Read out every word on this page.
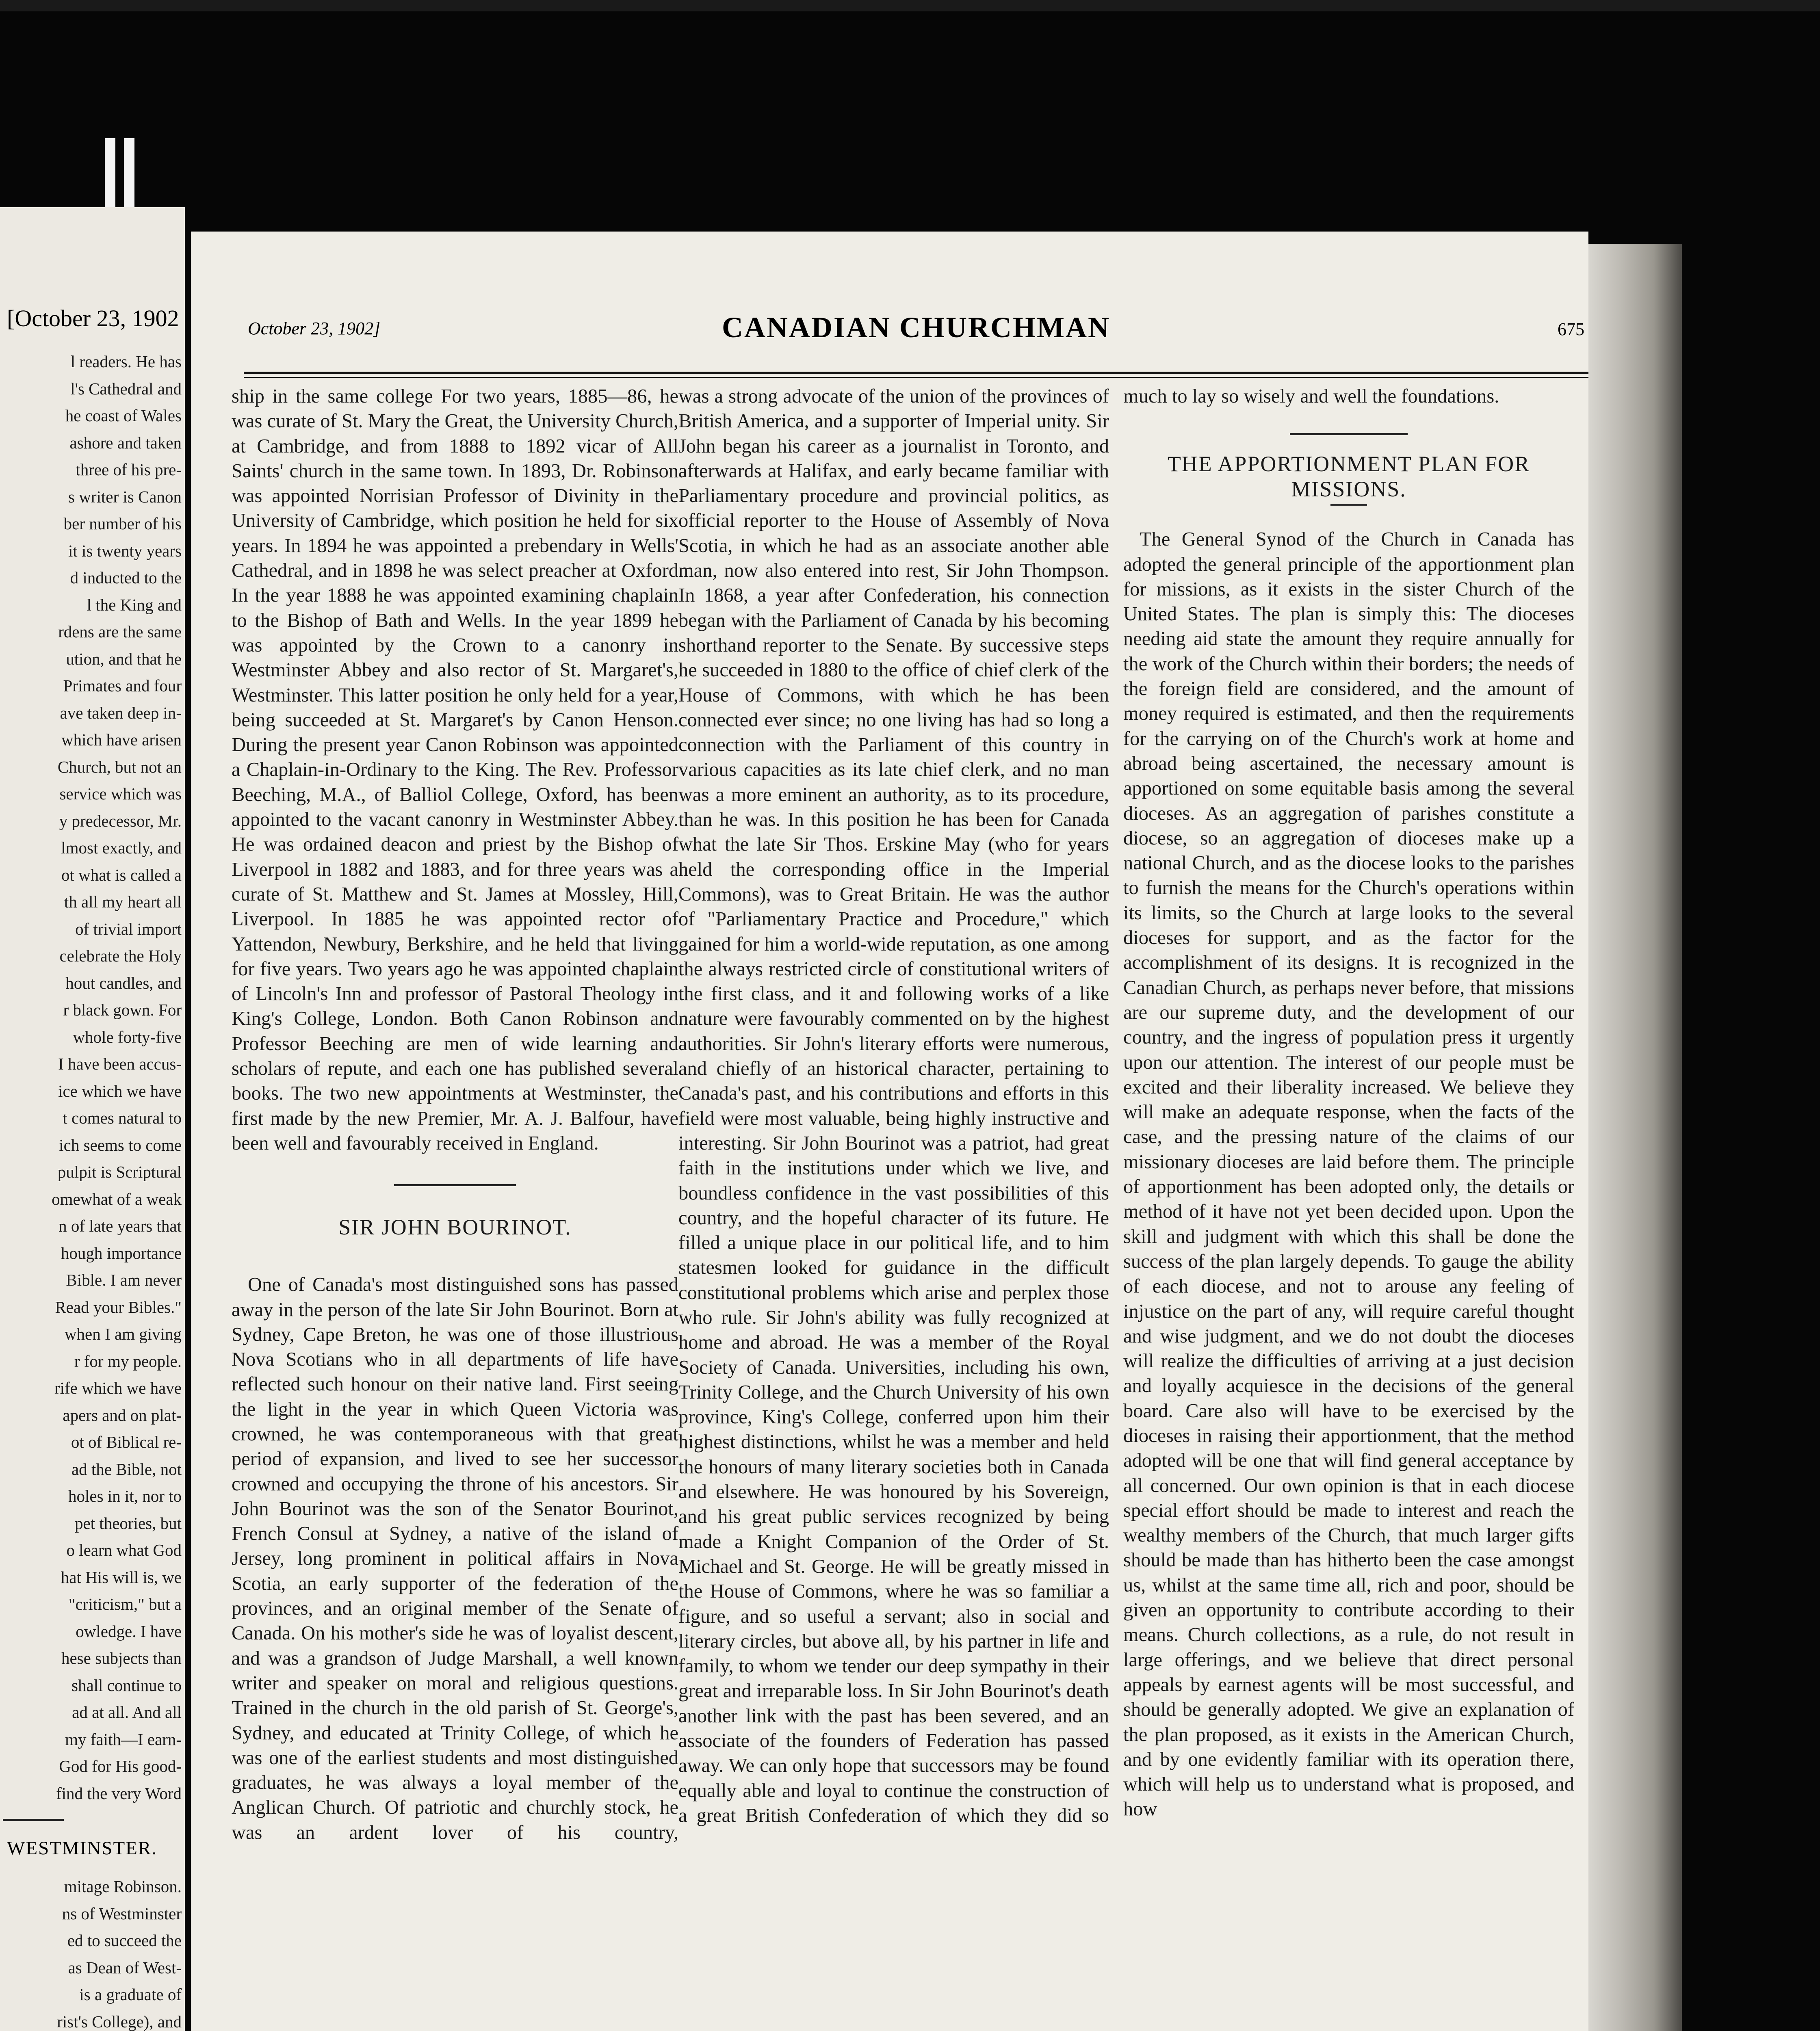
[October 23, 1902
l readers. He has
l's Cathedral and
he coast of Wales
ashore and taken
three of his pre-
s writer is Canon
ber number of his
it is twenty years
d inducted to the
l the King and
rdens are the same
ution, and that he
Primates and four
ave taken deep in-
which have arisen
Church, but not an
service which was
y predecessor, Mr.
lmost exactly, and
ot what is called a
th all my heart all
of trivial import
celebrate the Holy
hout candles, and
r black gown. For
whole forty-five
I have been accus-
ice which we have
t comes natural to
ich seems to come
pulpit is Scriptural
omewhat of a weak
n of late years that
hough importance
Bible. I am never
Read your Bibles."
when I am giving
r for my people.
rife which we have
apers and on plat-
ot of Biblical re-
ad the Bible, not
holes in it, nor to
pet theories, but
o learn what God
hat His will is, we
"criticism," but a
owledge. I have
hese subjects than
shall continue to
ad at all. And all
my faith—I earn-
God for His good-
find the very Word
WESTMINSTER.
mitage Robinson.
ns of Westminster
ed to succeed the
as Dean of West-
is a graduate of
rist's College), and
October 23, 1902]	CANADIAN CHURCHMAN	675

ship in the same college For two years, 1885—86, he was curate of St. Mary the Great, the University Church, at Cambridge, and from 1888 to 1892 vicar of All Saints' church in the same town. In 1893, Dr. Robinson was appointed Norrisian Professor of Divinity in the University of Cambridge, which position he held for six years. In 1894 he was appointed a prebendary in Wells' Cathedral, and in 1898 he was select preacher at Oxford In the year 1888 he was appointed examining chaplain to the Bishop of Bath and Wells. In the year 1899 he was appointed by the Crown to a canonry in Westminster Abbey and also rector of St. Margaret's, Westminster. This latter position he only held for a year, being succeeded at St. Margaret's by Canon Henson. During the present year Canon Robinson was appointed a Chaplain-in-Ordinary to the King. The Rev. Professor Beeching, M.A., of Balliol College, Oxford, has been appointed to the vacant canonry in Westminster Abbey. He was ordained deacon and priest by the Bishop of Liverpool in 1882 and 1883, and for three years was a curate of St. Matthew and St. James at Mossley, Hill, Liverpool. In 1885 he was appointed rector of Yattendon, Newbury, Berkshire, and he held that living for five years. Two years ago he was appointed chaplain of Lincoln's Inn and professor of Pastoral Theology in King's College, London. Both Canon Robinson and Professor Beeching are men of wide learning and scholars of repute, and each one has published several books. The two new appointments at Westminster, the first made by the new Premier, Mr. A. J. Balfour, have been well and favourably received in England.

SIR JOHN BOURINOT.

One of Canada's most distinguished sons has passed away in the person of the late Sir John Bourinot. Born at Sydney, Cape Breton, he was one of those illustrious Nova Scotians who in all departments of life have reflected such honour on their native land. First seeing the light in the year in which Queen Victoria was crowned, he was contemporaneous with that great period of expansion, and lived to see her successor crowned and occupying the throne of his ancestors. Sir John Bourinot was the son of the Senator Bourinot, French Consul at Sydney, a native of the island of Jersey, long prominent in political affairs in Nova Scotia, an early supporter of the federation of the provinces, and an original member of the Senate of Canada. On his mother's side he was of loyalist descent, and was a grandson of Judge Marshall, a well known writer and speaker on moral and religious questions. Trained in the church in the old parish of St. George's, Sydney, and educated at Trinity College, of which he was one of the earliest students and most distinguished graduates, he was always a loyal member of the Anglican Church. Of patriotic and churchly stock, he was an ardent lover of his country,

was a strong advocate of the union of the provinces of British America, and a supporter of Imperial unity. Sir John began his career as a journalist in Toronto, and afterwards at Halifax, and early became familiar with Parliamentary procedure and provincial politics, as official reporter to the House of Assembly of Nova Scotia, in which he had as an associate another able man, now also entered into rest, Sir John Thompson. In 1868, a year after Confederation, his connection began with the Parliament of Canada by his becoming shorthand reporter to the Senate. By successive steps he succeeded in 1880 to the office of chief clerk of the House of Commons, with which he has been connected ever since; no one living has had so long a connection with the Parliament of this country in various capacities as its late chief clerk, and no man was a more eminent an authority, as to its procedure, than he was. In this position he has been for Canada what the late Sir Thos. Erskine May (who for years held the corresponding office in the Imperial Commons), was to Great Britain. He was the author of "Parliamentary Practice and Procedure," which gained for him a world-wide reputation, as one among the always restricted circle of constitutional writers of the first class, and it and following works of a like nature were favourably commented on by the highest authorities. Sir John's literary efforts were numerous, and chiefly of an historical character, pertaining to Canada's past, and his contributions and efforts in this field were most valuable, being highly instructive and interesting. Sir John Bourinot was a patriot, had great faith in the institutions under which we live, and boundless confidence in the vast possibilities of this country, and the hopeful character of its future. He filled a unique place in our political life, and to him statesmen looked for guidance in the difficult constitutional problems which arise and perplex those who rule. Sir John's ability was fully recognized at home and abroad. He was a member of the Royal Society of Canada. Universities, including his own, Trinity College, and the Church University of his own province, King's College, conferred upon him their highest distinctions, whilst he was a member and held the honours of many literary societies both in Canada and elsewhere. He was honoured by his Sovereign, and his great public services recognized by being made a Knight Companion of the Order of St. Michael and St. George. He will be greatly missed in the House of Commons, where he was so familiar a figure, and so useful a servant; also in social and literary circles, but above all, by his partner in life and family, to whom we tender our deep sympathy in their great and irreparable loss. In Sir John Bourinot's death another link with the past has been severed, and an associate of the founders of Federation has passed away. We can only hope that successors may be found equally able and loyal to continue the construction of a great British Confederation of which they did so

much to lay so wisely and well the foundations.

THE APPORTIONMENT PLAN FOR MISSIONS.

The General Synod of the Church in Canada has adopted the general principle of the apportionment plan for missions, as it exists in the sister Church of the United States. The plan is simply this: The dioceses needing aid state the amount they require annually for the work of the Church within their borders; the needs of the foreign field are considered, and the amount of money required is estimated, and then the requirements for the carrying on of the Church's work at home and abroad being ascertained, the necessary amount is apportioned on some equitable basis among the several dioceses. As an aggregation of parishes constitute a diocese, so an aggregation of dioceses make up a national Church, and as the diocese looks to the parishes to furnish the means for the Church's operations within its limits, so the Church at large looks to the several dioceses for support, and as the factor for the accomplishment of its designs. It is recognized in the Canadian Church, as perhaps never before, that missions are our supreme duty, and the development of our country, and the ingress of population press it urgently upon our attention. The interest of our people must be excited and their liberality increased. We believe they will make an adequate response, when the facts of the case, and the pressing nature of the claims of our missionary dioceses are laid before them. The principle of apportionment has been adopted only, the details or method of it have not yet been decided upon. Upon the skill and judgment with which this shall be done the success of the plan largely depends. To gauge the ability of each diocese, and not to arouse any feeling of injustice on the part of any, will require careful thought and wise judgment, and we do not doubt the dioceses will realize the difficulties of arriving at a just decision and loyally acquiesce in the decisions of the general board. Care also will have to be exercised by the dioceses in raising their apportionment, that the method adopted will be one that will find general acceptance by all concerned. Our own opinion is that in each diocese special effort should be made to interest and reach the wealthy members of the Church, that much larger gifts should be made than has hitherto been the case amongst us, whilst at the same time all, rich and poor, should be given an opportunity to contribute according to their means. Church collections, as a rule, do not result in large offerings, and we believe that direct personal appeals by earnest agents will be most successful, and should be generally adopted. We give an explanation of the plan proposed, as it exists in the American Church, and by one evidently familiar with its operation there, which will help us to understand what is proposed, and how
